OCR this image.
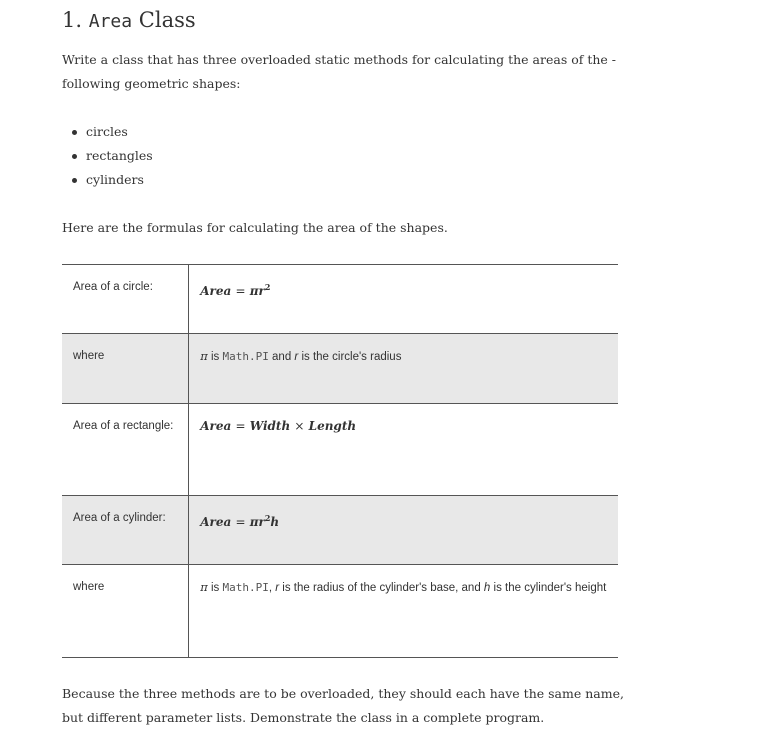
1. Area Class

Write a class that has three overloaded static methods for calculating the areas of the - following geometric shapes:

circles
rectangles
cylinders

Here are the formulas for calculating the area of the shapes.

Area of a circle:	Area = $\pi r^2$
where	π is Math.PI and r is the circle's radius
Area of a rectangle:	Area = Width × Length
Area of a cylinder:	Area = $\pi r^2h$
where	π is Math.PI, r is the radius of the cylinder's base, and h is the cylinder's height

Because the three methods are to be overloaded, they should each have the same name, but different parameter lists. Demonstrate the class in a complete program.
